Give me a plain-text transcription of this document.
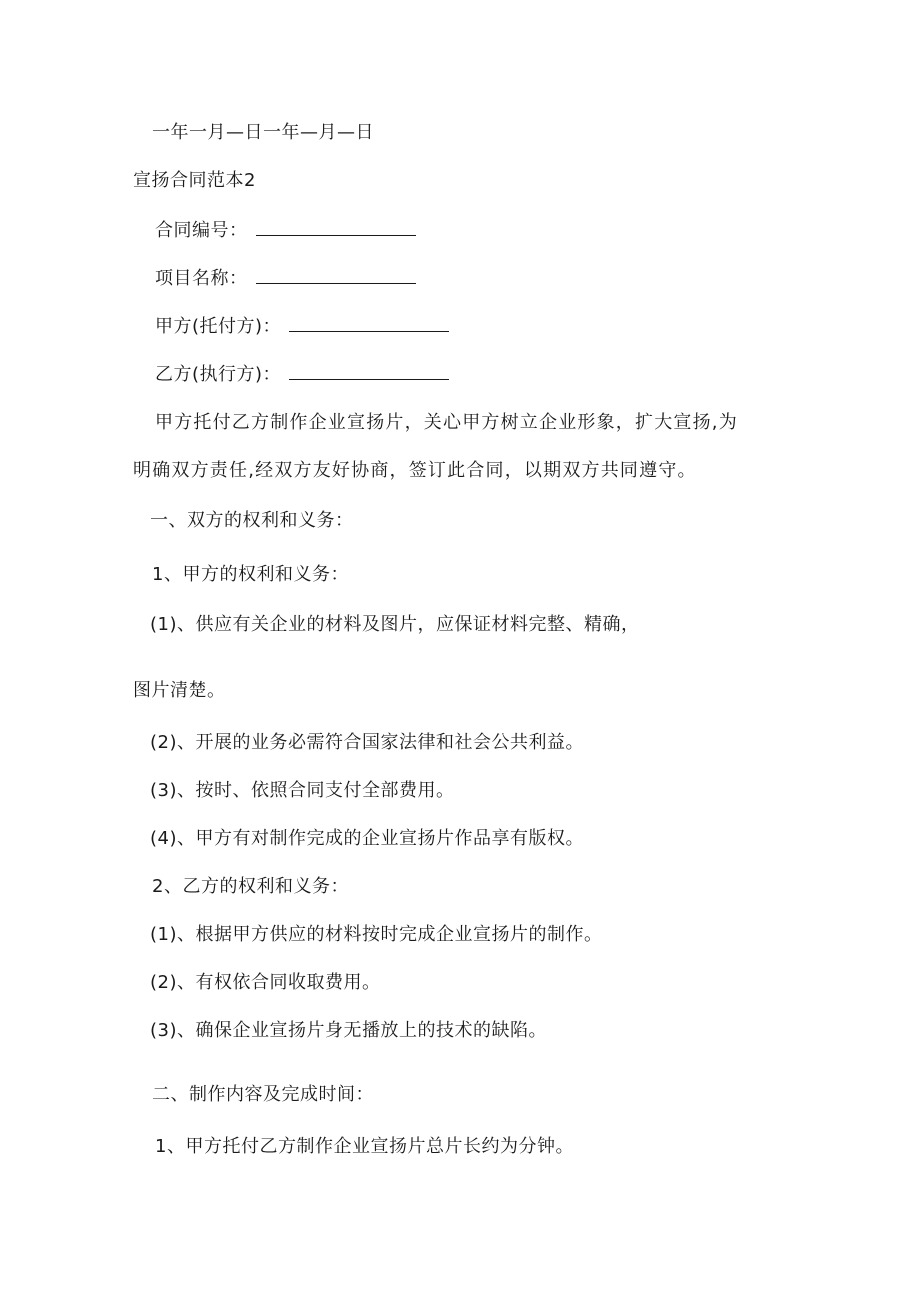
一年一月—日一年—月—日
宣扬合同范本2
合同编号：
项目名称：
甲方(托付方)：
乙方(执行方)：
甲方托付乙方制作企业宣扬片，关心甲方树立企业形象，扩大宣扬,为
明确双方责任,经双方友好协商，签订此合同，以期双方共同遵守。
一、双方的权利和义务：
1、甲方的权利和义务：
(1)、供应有关企业的材料及图片，应保证材料完整、精确，
图片清楚。
(2)、开展的业务必需符合国家法律和社会公共利益。
(3)、按时、依照合同支付全部费用。
(4)、甲方有对制作完成的企业宣扬片作品享有版权。
2、乙方的权利和义务：
(1)、根据甲方供应的材料按时完成企业宣扬片的制作。
(2)、有权依合同收取费用。
(3)、确保企业宣扬片身无播放上的技术的缺陷。
二、制作内容及完成时间：
1、甲方托付乙方制作企业宣扬片总片长约为分钟。
